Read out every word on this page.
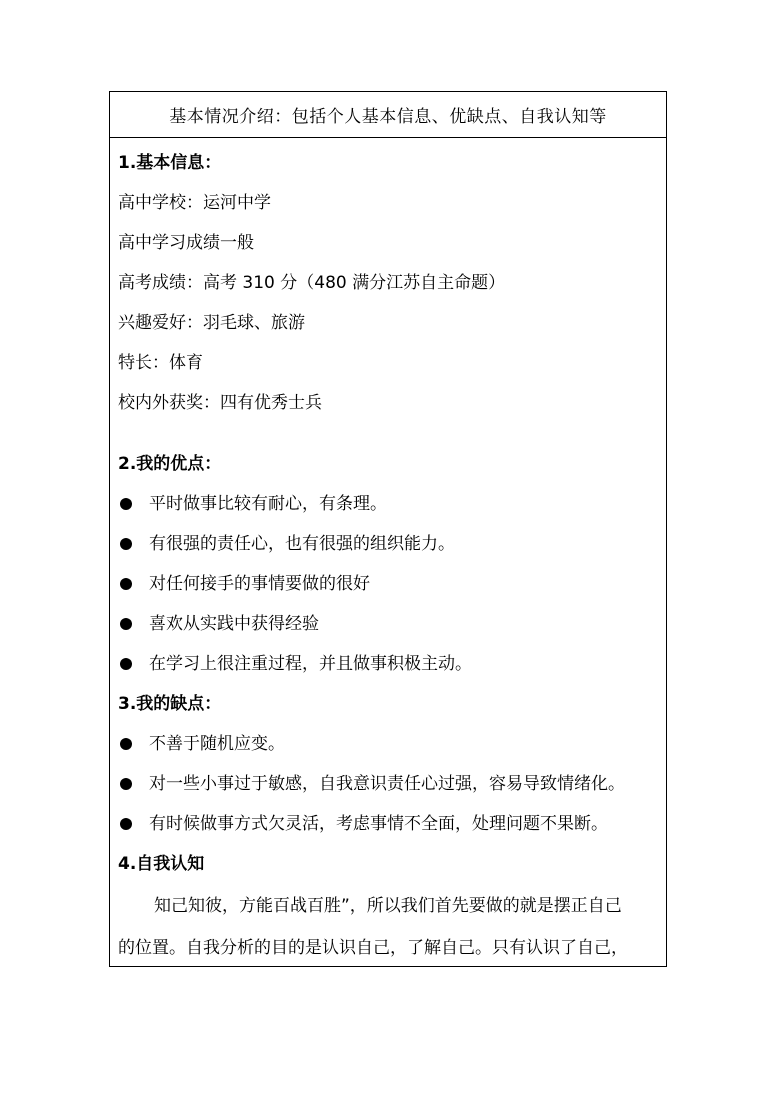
基本情况介绍：包括个人基本信息、优缺点、自我认知等
1.基本信息：
高中学校：运河中学
高中学习成绩一般
高考成绩：高考 310 分（480 满分江苏自主命题）
兴趣爱好：羽毛球、旅游
特长：体育
校内外获奖：四有优秀士兵
2.我的优点：
平时做事比较有耐心，有条理。
有很强的责任心，也有很强的组织能力。
对任何接手的事情要做的很好
喜欢从实践中获得经验
在学习上很注重过程，并且做事积极主动。
3.我的缺点：
不善于随机应变。
对一些小事过于敏感，自我意识责任心过强，容易导致情绪化。
有时候做事方式欠灵活，考虑事情不全面，处理问题不果断。
4.自我认知
知己知彼，方能百战百胜”，所以我们首先要做的就是摆正自己
的位置。自我分析的目的是认识自己，了解自己。只有认识了自己，
